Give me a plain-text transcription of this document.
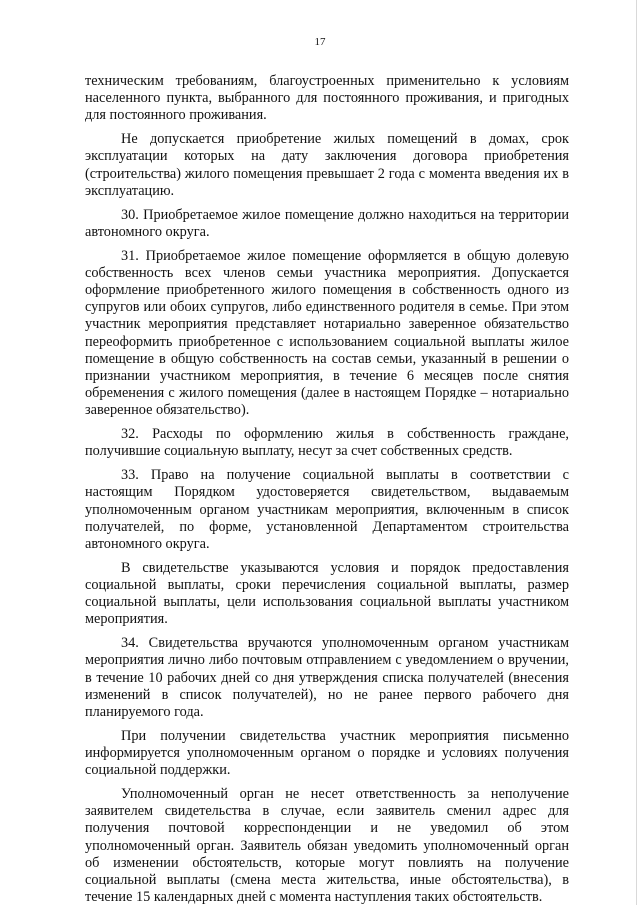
17

техническим требованиям, благоустроенных применительно к условиям населенного пункта, выбранного для постоянного проживания, и пригодных для постоянного проживания.

Не допускается приобретение жилых помещений в домах, срок эксплуатации которых на дату заключения договора приобретения (строительства) жилого помещения превышает 2 года с момента введения их в эксплуатацию.

30. Приобретаемое жилое помещение должно находиться на территории автономного округа.

31. Приобретаемое жилое помещение оформляется в общую долевую собственность всех членов семьи участника мероприятия. Допускается оформление приобретенного жилого помещения в собственность одного из супругов или обоих супругов, либо единственного родителя в семье. При этом участник мероприятия представляет нотариально заверенное обязательство переоформить приобретенное с использованием социальной выплаты жилое помещение в общую собственность на состав семьи, указанный в решении о признании участником мероприятия, в течение 6 месяцев после снятия обременения с жилого помещения (далее в настоящем Порядке – нотариально заверенное обязательство).

32. Расходы по оформлению жилья в собственность граждане, получившие социальную выплату, несут за счет собственных средств.

33. Право на получение социальной выплаты в соответствии с настоящим Порядком удостоверяется свидетельством, выдаваемым уполномоченным органом участникам мероприятия, включенным в список получателей, по форме, установленной Департаментом строительства автономного округа.

В свидетельстве указываются условия и порядок предоставления социальной выплаты, сроки перечисления социальной выплаты, размер социальной выплаты, цели использования социальной выплаты участником мероприятия.

34. Свидетельства вручаются уполномоченным органом участникам мероприятия лично либо почтовым отправлением с уведомлением о вручении, в течение 10 рабочих дней со дня утверждения списка получателей (внесения изменений в список получателей), но не ранее первого рабочего дня планируемого года.

При получении свидетельства участник мероприятия письменно информируется уполномоченным органом о порядке и условиях получения социальной поддержки.

Уполномоченный орган не несет ответственность за неполучение заявителем свидетельства в случае, если заявитель сменил адрес для получения почтовой корреспонденции и не уведомил об этом уполномоченный орган. Заявитель обязан уведомить уполномоченный орган об изменении обстоятельств, которые могут повлиять на получение социальной выплаты (смена места жительства, иные обстоятельства), в течение 15 календарных дней с момента наступления таких обстоятельств.
